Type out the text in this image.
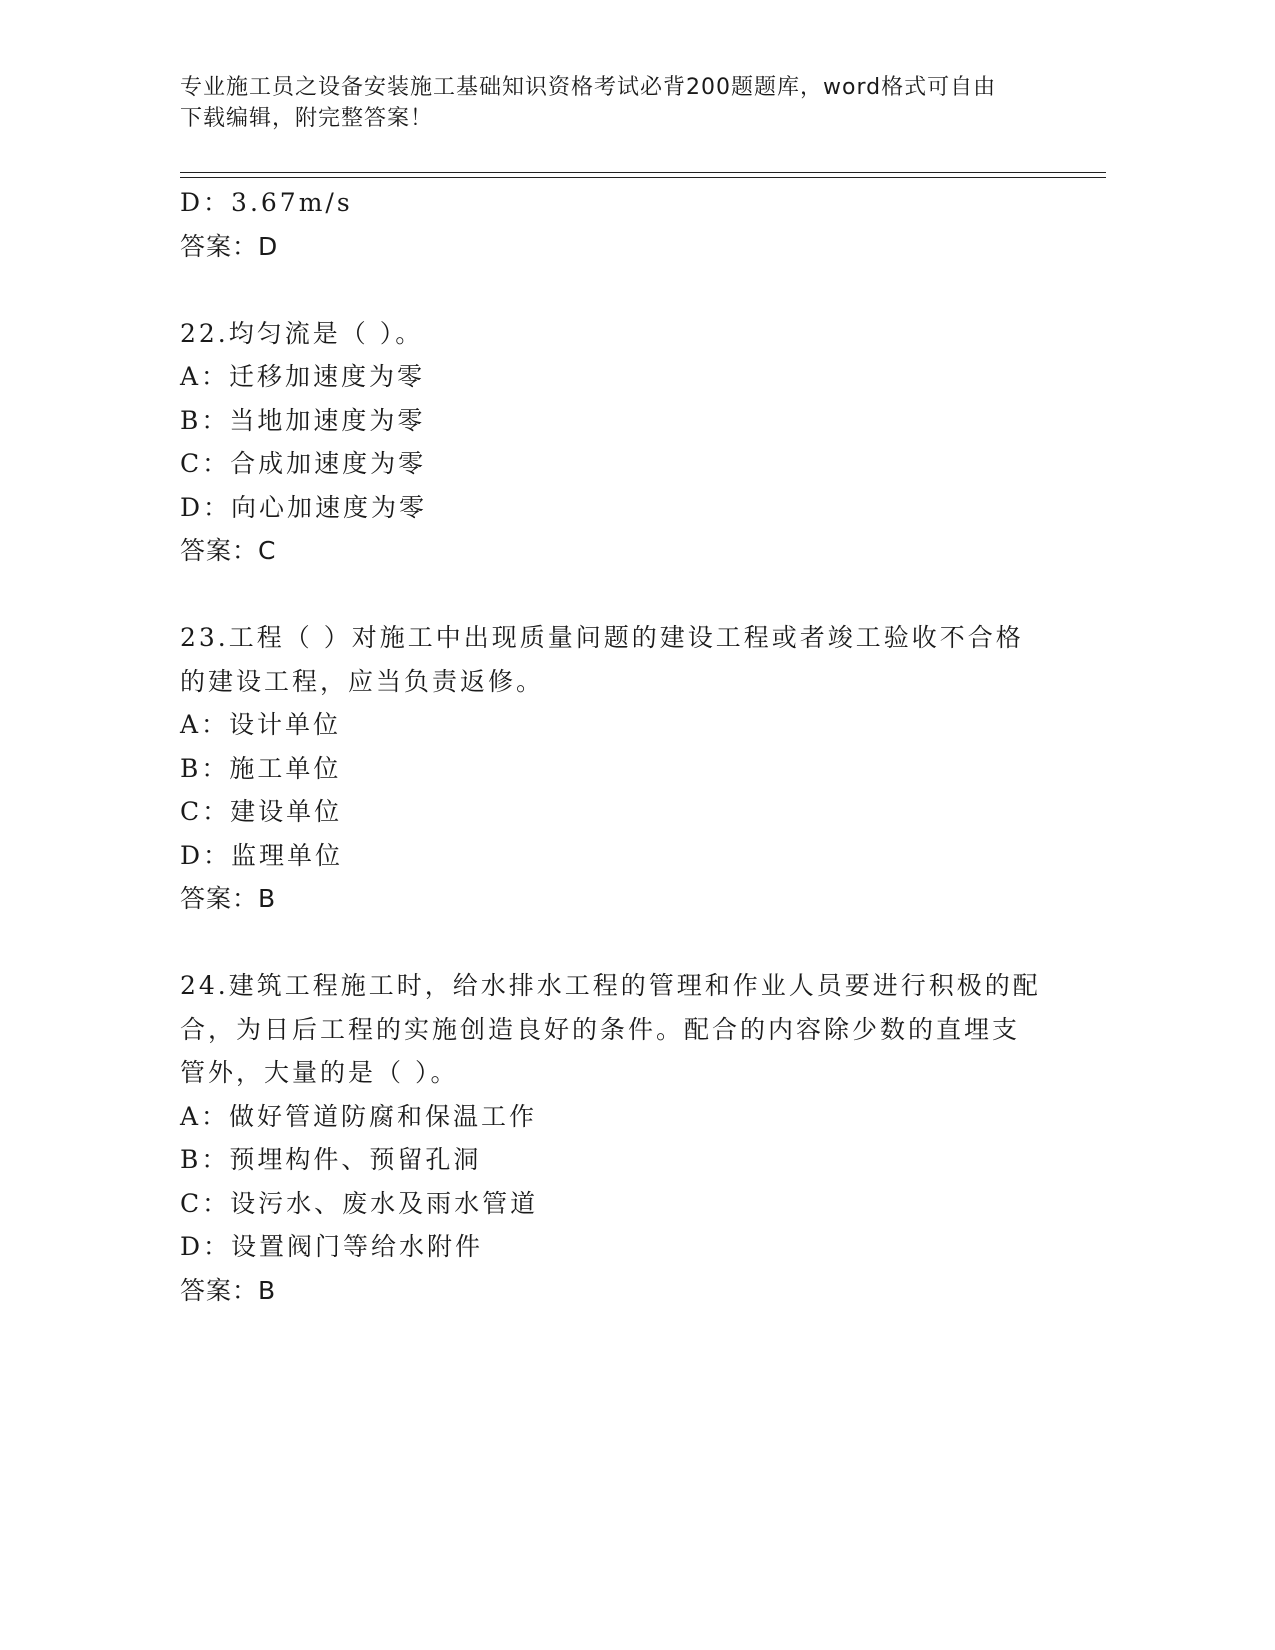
专业施工员之设备安装施工基础知识资格考试必背200题题库，word格式可自由
下载编辑，附完整答案！
D：3.67m/s
答案：D
22.均匀流是（ ）。
A：迁移加速度为零
B：当地加速度为零
C：合成加速度为零
D：向心加速度为零
答案：C
23.工程（ ）对施工中出现质量问题的建设工程或者竣工验收不合格
的建设工程，应当负责返修。
A：设计单位
B：施工单位
C：建设单位
D：监理单位
答案：B
24.建筑工程施工时，给水排水工程的管理和作业人员要进行积极的配
合，为日后工程的实施创造良好的条件。配合的内容除少数的直埋支
管外，大量的是（ ）。
A：做好管道防腐和保温工作
B：预埋构件、预留孔洞
C：设污水、废水及雨水管道
D：设置阀门等给水附件
答案：B
